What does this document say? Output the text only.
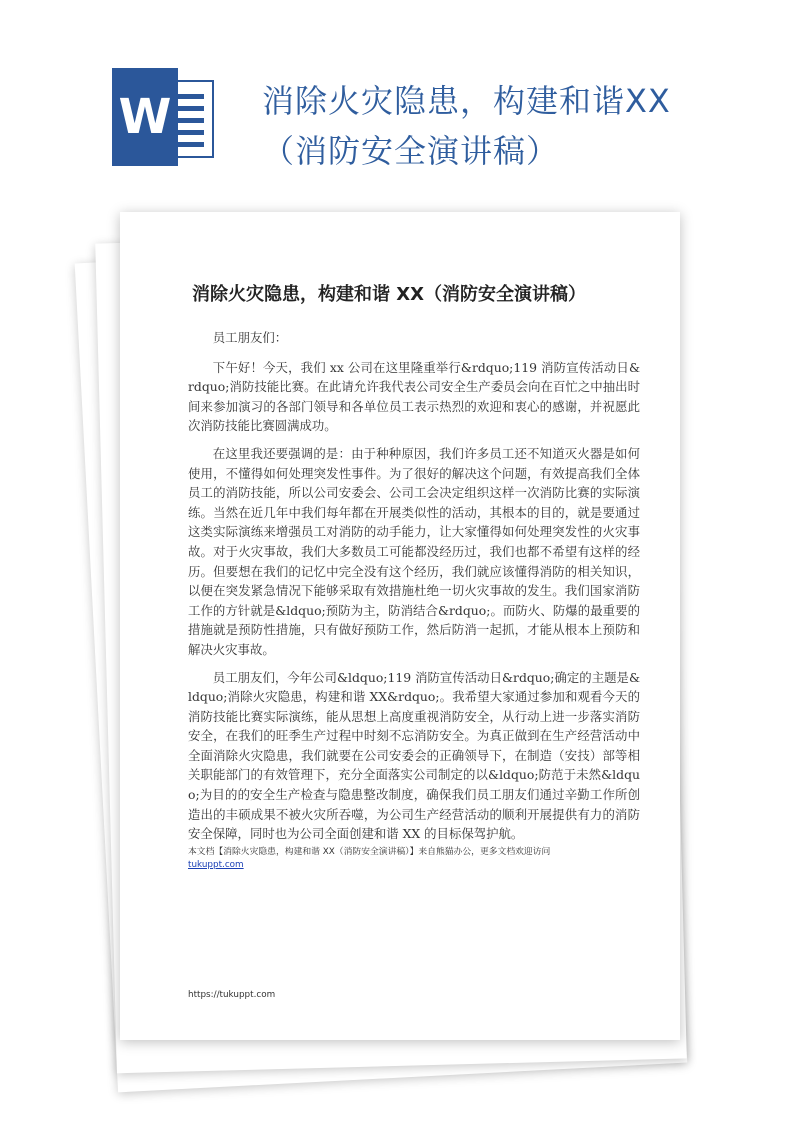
W	消除火灾隐患，构建和谐XX（消防安全演讲稿）
消除火灾隐患，构建和谐 XX（消防安全演讲稿）

员工朋友们：

下午好！今天，我们 xx 公司在这里隆重举行&rdquo;119 消防宣传活动日&rdquo;消防技能比赛。在此请允许我代表公司安全生产委员会向在百忙之中抽出时间来参加演习的各部门领导和各单位员工表示热烈的欢迎和衷心的感谢，并祝愿此次消防技能比赛圆满成功。

在这里我还要强调的是：由于种种原因，我们许多员工还不知道灭火器是如何使用，不懂得如何处理突发性事件。为了很好的解决这个问题，有效提高我们全体员工的消防技能，所以公司安委会、公司工会决定组织这样一次消防比赛的实际演练。当然在近几年中我们每年都在开展类似性的活动，其根本的目的，就是要通过这类实际演练来增强员工对消防的动手能力，让大家懂得如何处理突发性的火灾事故。对于火灾事故，我们大多数员工可能都没经历过，我们也都不希望有这样的经历。但要想在我们的记忆中完全没有这个经历，我们就应该懂得消防的相关知识，以便在突发紧急情况下能够采取有效措施杜绝一切火灾事故的发生。我们国家消防工作的方针就是&ldquo;预防为主，防消结合&rdquo;。而防火、防爆的最重要的措施就是预防性措施，只有做好预防工作，然后防消一起抓，才能从根本上预防和解决火灾事故。

员工朋友们，今年公司&ldquo;119 消防宣传活动日&rdquo;确定的主题是&ldquo;消除火灾隐患，构建和谐 XX&rdquo;。我希望大家通过参加和观看今天的消防技能比赛实际演练，能从思想上高度重视消防安全，从行动上进一步落实消防安全，在我们的旺季生产过程中时刻不忘消防安全。为真正做到在生产经营活动中全面消除火灾隐患，我们就要在公司安委会的正确领导下，在制造（安技）部等相关职能部门的有效管理下，充分全面落实公司制定的以&ldquo;防范于未然&ldquo;为目的的安全生产检查与隐患整改制度，确保我们员工朋友们通过辛勤工作所创造出的丰硕成果不被火灾所吞噬，为公司生产经营活动的顺利开展提供有力的消防安全保障，同时也为公司全面创建和谐 XX 的目标保驾护航。

本文档【消除火灾隐患，构建和谐 XX（消防安全演讲稿）】来自熊猫办公，更多文档欢迎访问
tukuppt.com
https://tukuppt.com
